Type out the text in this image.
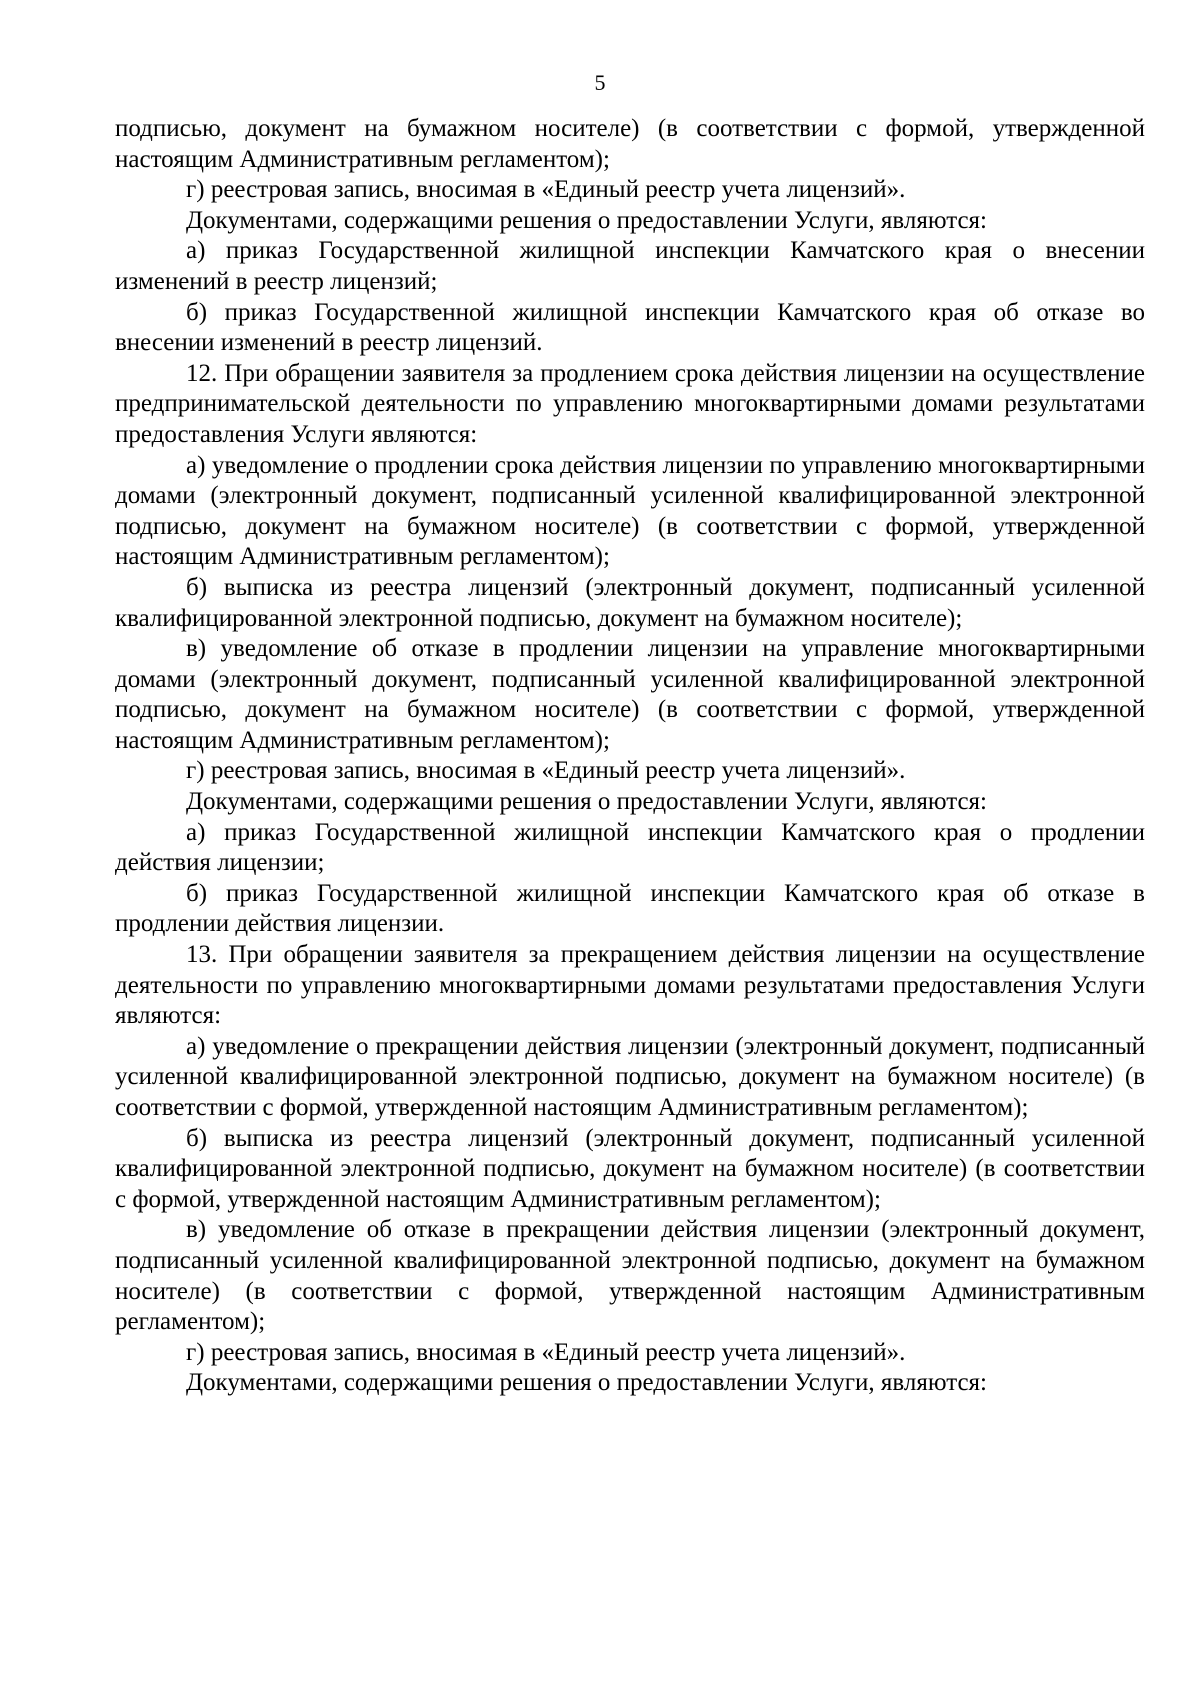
5

подписью, документ на бумажном носителе) (в соответствии с формой, утвержденной настоящим Административным регламентом);

г) реестровая запись, вносимая в «Единый реестр учета лицензий».

Документами, содержащими решения о предоставлении Услуги, являются:

а) приказ Государственной жилищной инспекции Камчатского края о внесении изменений в реестр лицензий;

б) приказ Государственной жилищной инспекции Камчатского края об отказе во внесении изменений в реестр лицензий.

12. При обращении заявителя за продлением срока действия лицензии на осуществление предпринимательской деятельности по управлению многоквартирными домами результатами предоставления Услуги являются:

а) уведомление о продлении срока действия лицензии по управлению многоквартирными домами (электронный документ, подписанный усиленной квалифицированной электронной подписью, документ на бумажном носителе) (в соответствии с формой, утвержденной настоящим Административным регламентом);

б) выписка из реестра лицензий (электронный документ, подписанный усиленной квалифицированной электронной подписью, документ на бумажном носителе);

в) уведомление об отказе в продлении лицензии на управление многоквартирными домами (электронный документ, подписанный усиленной квалифицированной электронной подписью, документ на бумажном носителе) (в соответствии с формой, утвержденной настоящим Административным регламентом);

г) реестровая запись, вносимая в «Единый реестр учета лицензий».

Документами, содержащими решения о предоставлении Услуги, являются:

а) приказ Государственной жилищной инспекции Камчатского края о продлении действия лицензии;

б) приказ Государственной жилищной инспекции Камчатского края об отказе в продлении действия лицензии.

13. При обращении заявителя за прекращением действия лицензии на осуществление деятельности по управлению многоквартирными домами результатами предоставления Услуги являются:

а) уведомление о прекращении действия лицензии (электронный документ, подписанный усиленной квалифицированной электронной подписью, документ на бумажном носителе) (в соответствии с формой, утвержденной настоящим Административным регламентом);

б) выписка из реестра лицензий (электронный документ, подписанный усиленной квалифицированной электронной подписью, документ на бумажном носителе) (в соответствии с формой, утвержденной настоящим Административным регламентом);

в) уведомление об отказе в прекращении действия лицензии (электронный документ, подписанный усиленной квалифицированной электронной подписью, документ на бумажном носителе) (в соответствии с формой, утвержденной настоящим Административным регламентом);

г) реестровая запись, вносимая в «Единый реестр учета лицензий».

Документами, содержащими решения о предоставлении Услуги, являются:
